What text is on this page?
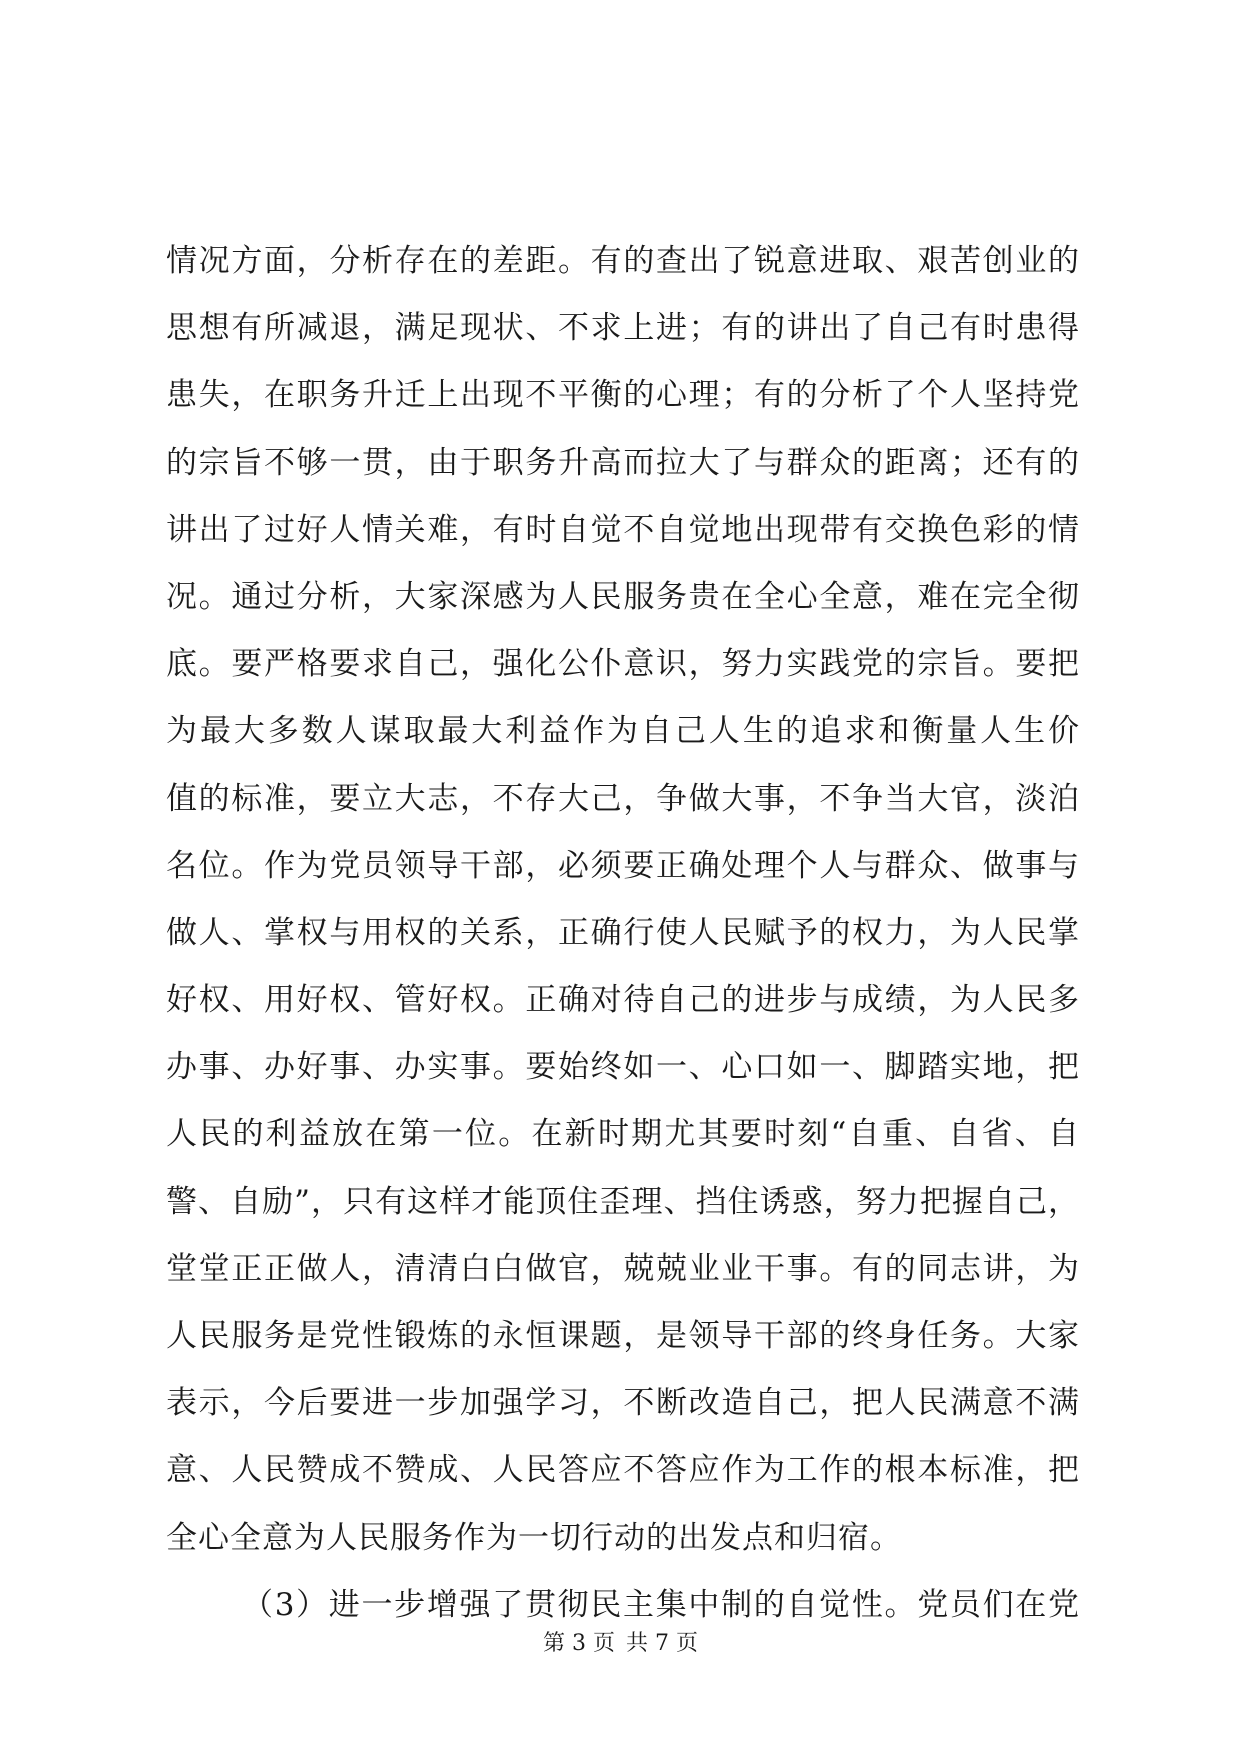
情况方面，分析存在的差距。有的查出了锐意进取、艰苦创业的
思想有所减退，满足现状、不求上进；有的讲出了自己有时患得
患失，在职务升迁上出现不平衡的心理；有的分析了个人坚持党
的宗旨不够一贯，由于职务升高而拉大了与群众的距离；还有的
讲出了过好人情关难，有时自觉不自觉地出现带有交换色彩的情
况。通过分析，大家深感为人民服务贵在全心全意，难在完全彻
底。要严格要求自己，强化公仆意识，努力实践党的宗旨。要把
为最大多数人谋取最大利益作为自己人生的追求和衡量人生价
值的标准，要立大志，不存大己，争做大事，不争当大官，淡泊
名位。作为党员领导干部，必须要正确处理个人与群众、做事与
做人、掌权与用权的关系，正确行使人民赋予的权力，为人民掌
好权、用好权、管好权。正确对待自己的进步与成绩，为人民多
办事、办好事、办实事。要始终如一、心口如一、脚踏实地，把
人民的利益放在第一位。在新时期尤其要时刻“自重、自省、自
警、自励”，只有这样才能顶住歪理、挡住诱惑，努力把握自己，
堂堂正正做人，清清白白做官，兢兢业业干事。有的同志讲，为
人民服务是党性锻炼的永恒课题，是领导干部的终身任务。大家
表示，今后要进一步加强学习，不断改造自己，把人民满意不满
意、人民赞成不赞成、人民答应不答应作为工作的根本标准，把
全心全意为人民服务作为一切行动的出发点和归宿。
（3）进一步增强了贯彻民主集中制的自觉性。党员们在党
第 3 页 共 7 页
